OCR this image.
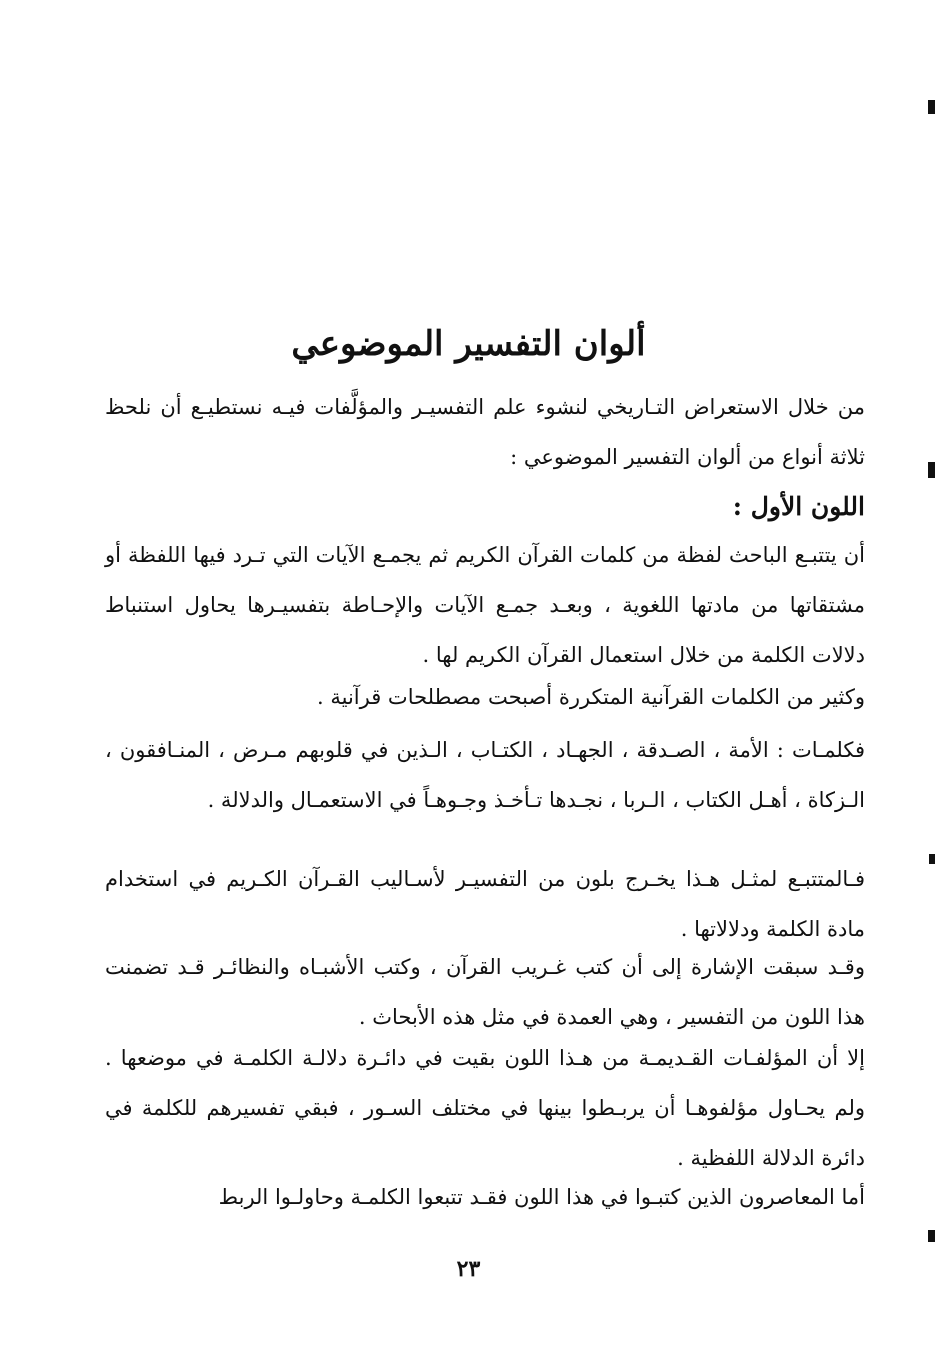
ألوان التفسير الموضوعي

من خلال الاستعراض التـاريخي لنشوء علم التفسيـر والمؤلَّفات فيـه نستطيـع أن نلحظ ثلاثة أنواع من ألوان التفسير الموضوعي :

اللون الأول :

أن يتتبـع الباحث لفظة من كلمات القرآن الكريم ثم يجمـع الآيات التي تـرد فيها اللفظة أو مشتقاتها من مادتها اللغوية ، وبعـد جمـع الآيات والإحـاطة بتفسيـرها يحاول استنباط دلالات الكلمة من خلال استعمال القرآن الكريم لها .

وكثير من الكلمات القرآنية المتكررة أصبحت مصطلحات قرآنية .

فكلمـات : الأمة ، الصـدقة ، الجهـاد ، الكتـاب ، الـذين في قلوبهم مـرض ، المنـافقون ، الـزكاة ، أهـل الكتاب ، الـربا ، نجـدها تـأخـذ وجـوهـاً في الاستعمـال والدلالة .

فـالمتتبـع لمثـل هـذا يخـرج بلون من التفسيـر لأسـاليب القـرآن الكـريم في استخدام مادة الكلمة ودلالاتها .

وقـد سبقت الإشارة إلى أن كتب غـريب القرآن ، وكتب الأشبـاه والنظائـر قـد تضمنت هذا اللون من التفسير ، وهي العمدة في مثل هذه الأبحاث .

إلا أن المؤلفـات القـديمـة من هـذا اللون بقيت في دائـرة دلالـة الكلمـة في موضعها . ولم يحـاول مؤلفوهـا أن يربـطوا بينها في مختلف السـور ، فبقي تفسيرهم للكلمة في دائرة الدلالة اللفظية .

أما المعاصرون الذين كتبـوا في هذا اللون فقـد تتبعوا الكلمـة وحاولـوا الربط

٢٣
